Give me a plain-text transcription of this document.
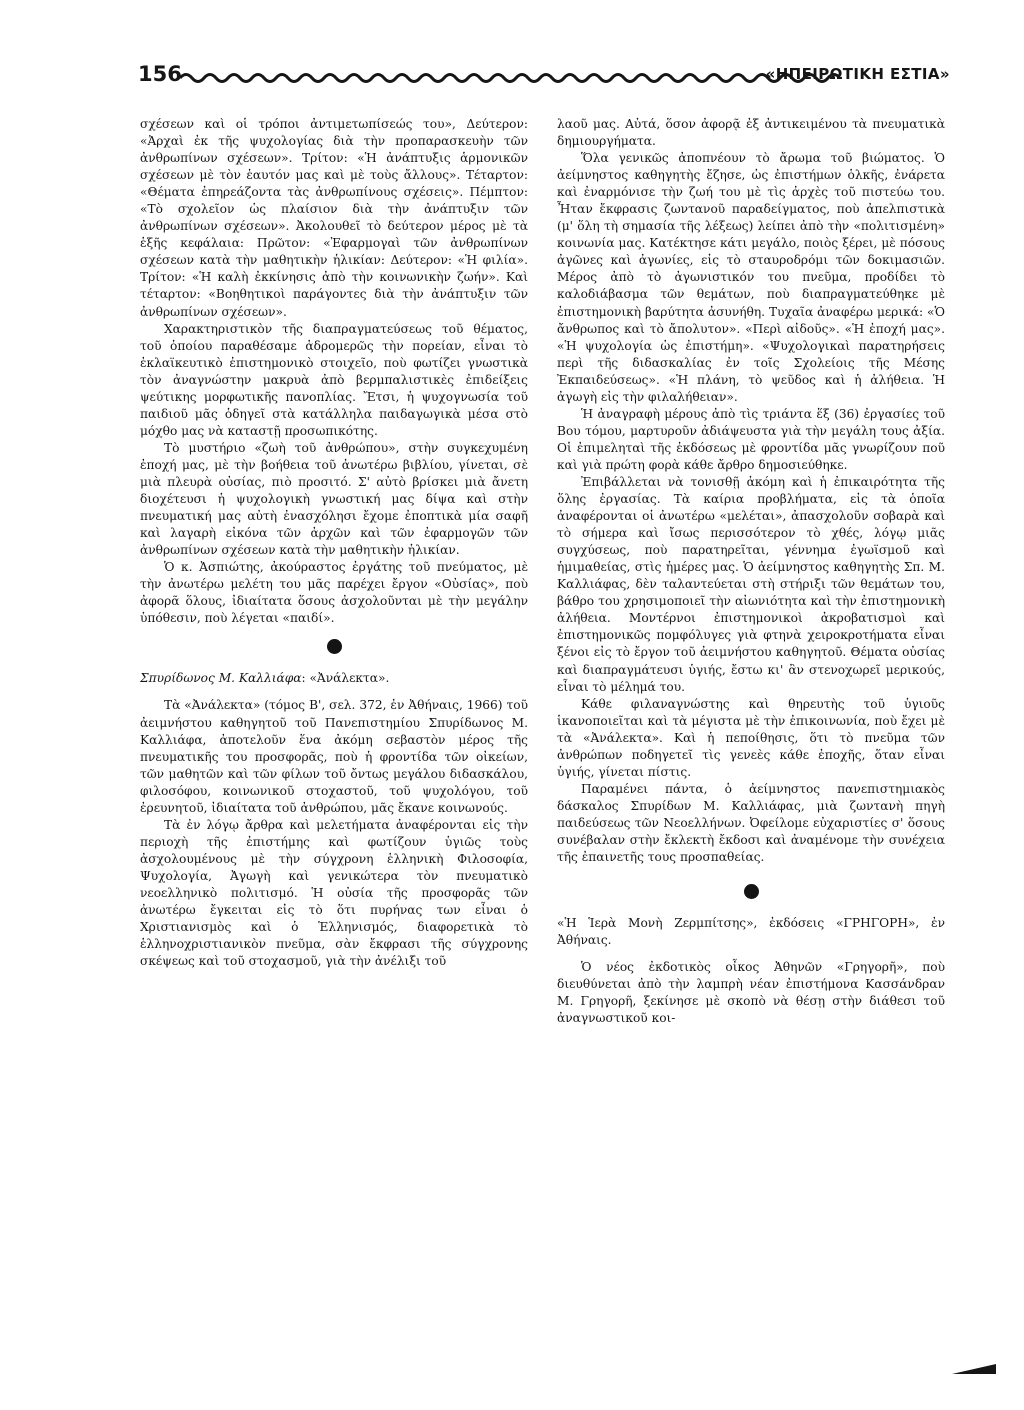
156	«ΗΠΕΙΡΩΤΙΚΗ ΕΣΤΙΑ»

σχέσεων καὶ οἱ τρόποι ἀντιμετωπίσεώς του», Δεύτερον: «Ἀρχαὶ ἐκ τῆς ψυχολογίας διὰ τὴν προπαρασκευὴν τῶν ἀνθρωπίνων σχέσεων». Τρίτον: «Ἡ ἀνάπτυξις ἁρμονικῶν σχέσεων μὲ τὸν ἑαυτόν μας καὶ μὲ τοὺς ἄλλους». Τέταρτον: «Θέματα ἐπηρεάζοντα τὰς ἀνθρωπίνους σχέσεις». Πέμπτον: «Τὸ σχολεῖον ὡς πλαίσιον διὰ τὴν ἀνάπτυξιν τῶν ἀνθρωπίνων σχέσεων». Ἀκολουθεῖ τὸ δεύτερον μέρος μὲ τὰ ἑξῆς κεφάλαια: Πρῶτον: «Ἐφαρμογαὶ τῶν ἀνθρωπίνων σχέσεων κατὰ τὴν μαθητικὴν ἡλικίαν: Δεύτερον: «Ἡ φιλία». Τρίτον: «Ἡ καλὴ ἐκκίνησις ἀπὸ τὴν κοινωνικὴν ζωήν». Καὶ τέταρτον: «Βοηθητικοὶ παράγοντες διὰ τὴν ἀνάπτυξιν τῶν ἀνθρωπίνων σχέσεων».

Χαρακτηριστικὸν τῆς διαπραγματεύσεως τοῦ θέματος, τοῦ ὁποίου παραθέσαμε ἁδρομερῶς τὴν πορείαν, εἶναι τὸ ἐκλαϊκευτικὸ ἐπιστημονικὸ στοιχεῖο, ποὺ φωτίζει γνωστικὰ τὸν ἀναγνώστην μακρυὰ ἀπὸ βερμπαλιστικὲς ἐπιδείξεις ψεύτικης μορφωτικῆς πανοπλίας. Ἔτσι, ἡ ψυχογνωσία τοῦ παιδιοῦ μᾶς ὁδηγεῖ στὰ κατάλληλα παιδαγωγικὰ μέσα στὸ μόχθο μας νὰ καταστῇ προσωπικότης.

Τὸ μυστήριο «ζωὴ τοῦ ἀνθρώπου», στὴν συγκεχυμένη ἐποχή μας, μὲ τὴν βοήθεια τοῦ ἀνωτέρω βιβλίου, γίνεται, σὲ μιὰ πλευρὰ οὐσίας, πιὸ προσιτό. Σ' αὐτὸ βρίσκει μιὰ ἄνετη διοχέτευσι ἡ ψυχολογικὴ γνωστική μας δίψα καὶ στὴν πνευματική μας αὐτὴ ἐνασχόλησι ἔχομε ἐποπτικὰ μία σαφῆ καὶ λαγαρὴ εἰκόνα τῶν ἀρχῶν καὶ τῶν ἐφαρμογῶν τῶν ἀνθρωπίνων σχέσεων κατὰ τὴν μαθητικὴν ἡλικίαν.

Ὁ κ. Ἀσπιώτης, ἀκούραστος ἐργάτης τοῦ πνεύματος, μὲ τὴν ἀνωτέρω μελέτη του μᾶς παρέχει ἔργον «Οὐσίας», ποὺ ἀφορᾶ ὅλους, ἰδιαίτατα ὅσους ἀσχολοῦνται μὲ τὴν μεγάλην ὑπόθεσιν, ποὺ λέγεται «παιδί».

Σπυρίδωνος Μ. Καλλιάφα: «Ἀνάλεκτα».

Τὰ «Ἀνάλεκτα» (τόμος Β', σελ. 372, ἐν Ἀθήναις, 1966) τοῦ ἀειμνήστου καθηγητοῦ τοῦ Πανεπιστημίου Σπυρίδωνος Μ. Καλλιάφα, ἀποτελοῦν ἕνα ἀκόμη σεβαστὸν μέρος τῆς πνευματικῆς του προσφορᾶς, ποὺ ἡ φροντίδα τῶν οἰκείων, τῶν μαθητῶν καὶ τῶν φίλων τοῦ ὄντως μεγάλου διδασκάλου, φιλοσόφου, κοινωνικοῦ στοχαστοῦ, τοῦ ψυχολόγου, τοῦ ἐρευνητοῦ, ἰδιαίτατα τοῦ ἀνθρώπου, μᾶς ἔκανε κοινωνούς.

Τὰ ἐν λόγῳ ἄρθρα καὶ μελετήματα ἀναφέρονται εἰς τὴν περιοχὴ τῆς ἐπιστήμης καὶ φωτίζουν ὑγιῶς τοὺς ἀσχολουμένους μὲ τὴν σύγχρονη ἑλληνικὴ Φιλοσοφία, Ψυχολογία, Ἀγωγὴ καὶ γενικώτερα τὸν πνευματικὸ νεοελληνικὸ πολιτισμό. Ἡ οὐσία τῆς προσφορᾶς τῶν ἀνωτέρω ἔγκειται εἰς τὸ ὅτι πυρήνας των εἶναι ὁ Χριστιανισμὸς καὶ ὁ Ἑλληνισμός, διαφορετικὰ τὸ ἑλληνοχριστιανικὸν πνεῦμα, σὰν ἔκφρασι τῆς σύγχρονης σκέψεως καὶ τοῦ στοχασμοῦ, γιὰ τὴν ἀνέλιξι τοῦ

λαοῦ μας. Αὐτά, ὅσον ἀφορᾷ ἐξ ἀντικειμένου τὰ πνευματικὰ δημιουργήματα.

Ὅλα γενικῶς ἀποπνέουν τὸ ἄρωμα τοῦ βιώματος. Ὁ ἀείμνηστος καθηγητὴς ἔζησε, ὡς ἐπιστήμων ὁλκῆς, ἐνάρετα καὶ ἐναρμόνισε τὴν ζωή του μὲ τὶς ἀρχὲς τοῦ πιστεύω του. Ἦταν ἔκφρασις ζωντανοῦ παραδείγματος, ποὺ ἀπελπιστικὰ (μ' ὅλη τὴ σημασία τῆς λέξεως) λείπει ἀπὸ τὴν «πολιτισμένη» κοινωνία μας. Κατέκτησε κάτι μεγάλο, ποιὸς ξέρει, μὲ πόσους ἀγῶνες καὶ ἀγωνίες, εἰς τὸ σταυροδρόμι τῶν δοκιμασιῶν. Μέρος ἀπὸ τὸ ἀγωνιστικόν του πνεῦμα, προδίδει τὸ καλοδιάβασμα τῶν θεμάτων, ποὺ διαπραγματεύθηκε μὲ ἐπιστημονικὴ βαρύτητα ἀσυνήθη. Τυχαῖα ἀναφέρω μερικά: «Ὁ ἄνθρωπος καὶ τὸ ἄπολυτον». «Περὶ αἰδοῦς». «Ἡ ἐποχή μας». «Ἡ ψυχολογία ὡς ἐπιστήμη». «Ψυχολογικαὶ παρατηρήσεις περὶ τῆς διδασκαλίας ἐν τοῖς Σχολείοις τῆς Μέσης Ἐκπαιδεύσεως». «Ἡ πλάνη, τὸ ψεῦδος καὶ ἡ ἀλήθεια. Ἡ ἀγωγὴ εἰς τὴν φιλαλήθειαν».

Ἡ ἀναγραφὴ μέρους ἀπὸ τὶς τριάντα ἕξ (36) ἐργασίες τοῦ Βου τόμου, μαρτυροῦν ἀδιάψευστα γιὰ τὴν μεγάλη τους ἀξία. Οἱ ἐπιμεληταὶ τῆς ἐκδόσεως μὲ φροντίδα μᾶς γνωρίζουν ποῦ καὶ γιὰ πρώτη φορὰ κάθε ἄρθρο δημοσιεύθηκε.

Ἐπιβάλλεται νὰ τονισθῇ ἀκόμη καὶ ἡ ἐπικαιρότητα τῆς ὅλης ἐργασίας. Τὰ καίρια προβλήματα, εἰς τὰ ὁποῖα ἀναφέρονται οἱ ἀνωτέρω «μελέται», ἀπασχολοῦν σοβαρὰ καὶ τὸ σήμερα καὶ ἴσως περισσότερον τὸ χθές, λόγῳ μιᾶς συγχύσεως, ποὺ παρατηρεῖται, γέννημα ἐγωϊσμοῦ καὶ ἡμιμαθείας, στὶς ἡμέρες μας. Ὁ ἀείμνηστος καθηγητὴς Σπ. Μ. Καλλιάφας, δὲν ταλαντεύεται στὴ στήριξι τῶν θεμάτων του, βάθρο του χρησιμοποιεῖ τὴν αἰωνιότητα καὶ τὴν ἐπιστημονικὴ ἀλήθεια. Μοντέρνοι ἐπιστημονικοὶ ἀκροβατισμοὶ καὶ ἐπιστημονικῶς πομφόλυγες γιὰ φτηνὰ χειροκροτήματα εἶναι ξένοι εἰς τὸ ἔργον τοῦ ἀειμνήστου καθηγητοῦ. Θέματα οὐσίας καὶ διαπραγμάτευσι ὑγιής, ἔστω κι' ἂν στενοχωρεῖ μερικούς, εἶναι τὸ μέλημά του.

Κάθε φιλαναγνώστης καὶ θηρευτὴς τοῦ ὑγιοῦς ἱκανοποιεῖται καὶ τὰ μέγιστα μὲ τὴν ἐπικοινωνία, ποὺ ἔχει μὲ τὰ «Ἀνάλεκτα». Καὶ ἡ πεποίθησις, ὅτι τὸ πνεῦμα τῶν ἀνθρώπων ποδηγετεῖ τὶς γενεὲς κάθε ἐποχῆς, ὅταν εἶναι ὑγιής, γίνεται πίστις.

Παραμένει πάντα, ὁ ἀείμνηστος πανεπιστημιακὸς δάσκαλος Σπυρίδων Μ. Καλλιάφας, μιὰ ζωντανὴ πηγὴ παιδεύσεως τῶν Νεοελλήνων. Ὀφείλομε εὐχαριστίες σ' ὅσους συνέβαλαν στὴν ἔκλεκτὴ ἔκδοσι καὶ ἀναμένομε τὴν συνέχεια τῆς ἐπαινετῆς τους προσπαθείας.

«Ἡ Ἱερὰ Μονὴ Ζερμπίτσης», ἐκδόσεις «ΓΡΗΓΟΡΗ», ἐν Ἀθήναις.

Ὁ νέος ἐκδοτικὸς οἶκος Ἀθηνῶν «Γρηγορῆ», ποὺ διευθύνεται ἀπὸ τὴν λαμπρὴ νέαν ἐπιστήμονα Κασσάνδραν Μ. Γρηγορῆ, ξεκίνησε μὲ σκοπὸ νὰ θέσῃ στὴν διάθεσι τοῦ ἀναγνωστικοῦ κοι-
